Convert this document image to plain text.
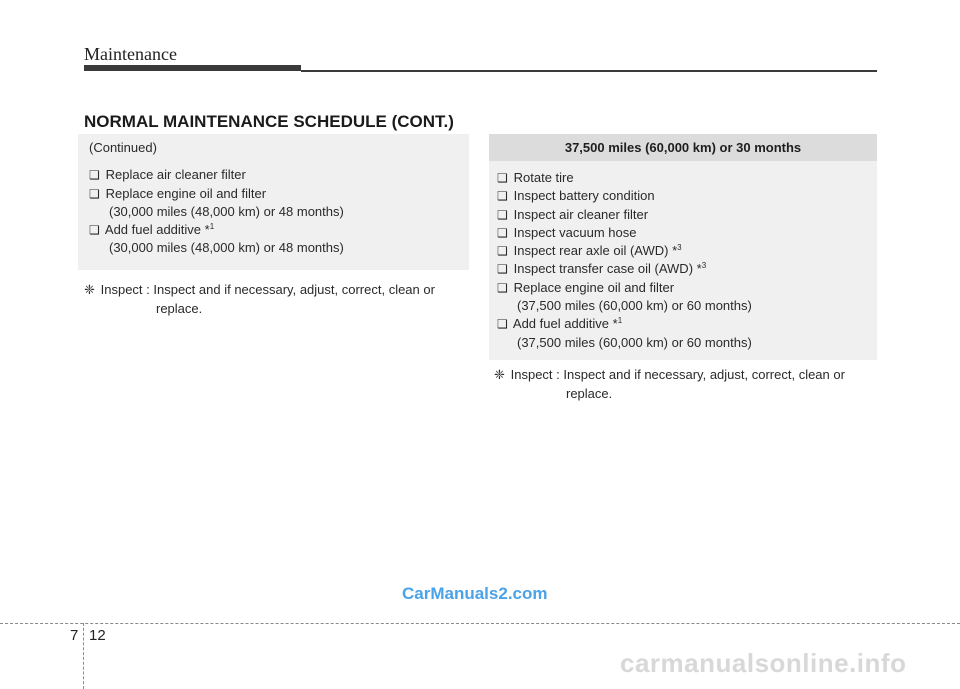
Maintenance
NORMAL MAINTENANCE SCHEDULE (CONT.)
(Continued)
❑ Replace air cleaner filter
❑ Replace engine oil and filter
(30,000 miles (48,000 km) or 48 months)
❑ Add fuel additive *$^1$
(30,000 miles (48,000 km) or 48 months)
❈ Inspect : Inspect and if necessary, adjust, correct, clean or
replace.
37,500 miles (60,000 km) or 30 months
❑ Rotate tire
❑ Inspect battery condition
❑ Inspect air cleaner filter
❑ Inspect vacuum hose
❑ Inspect rear axle oil (AWD) *$^3$
❑ Inspect transfer case oil (AWD) *$^3$
❑ Replace engine oil and filter
(37,500 miles (60,000 km) or 60 months)
❑ Add fuel additive *$^1$
(37,500 miles (60,000 km) or 60 months)
❈ Inspect : Inspect and if necessary, adjust, correct, clean or
replace.
CarManuals2.com
carmanualsonline.info
7 12
